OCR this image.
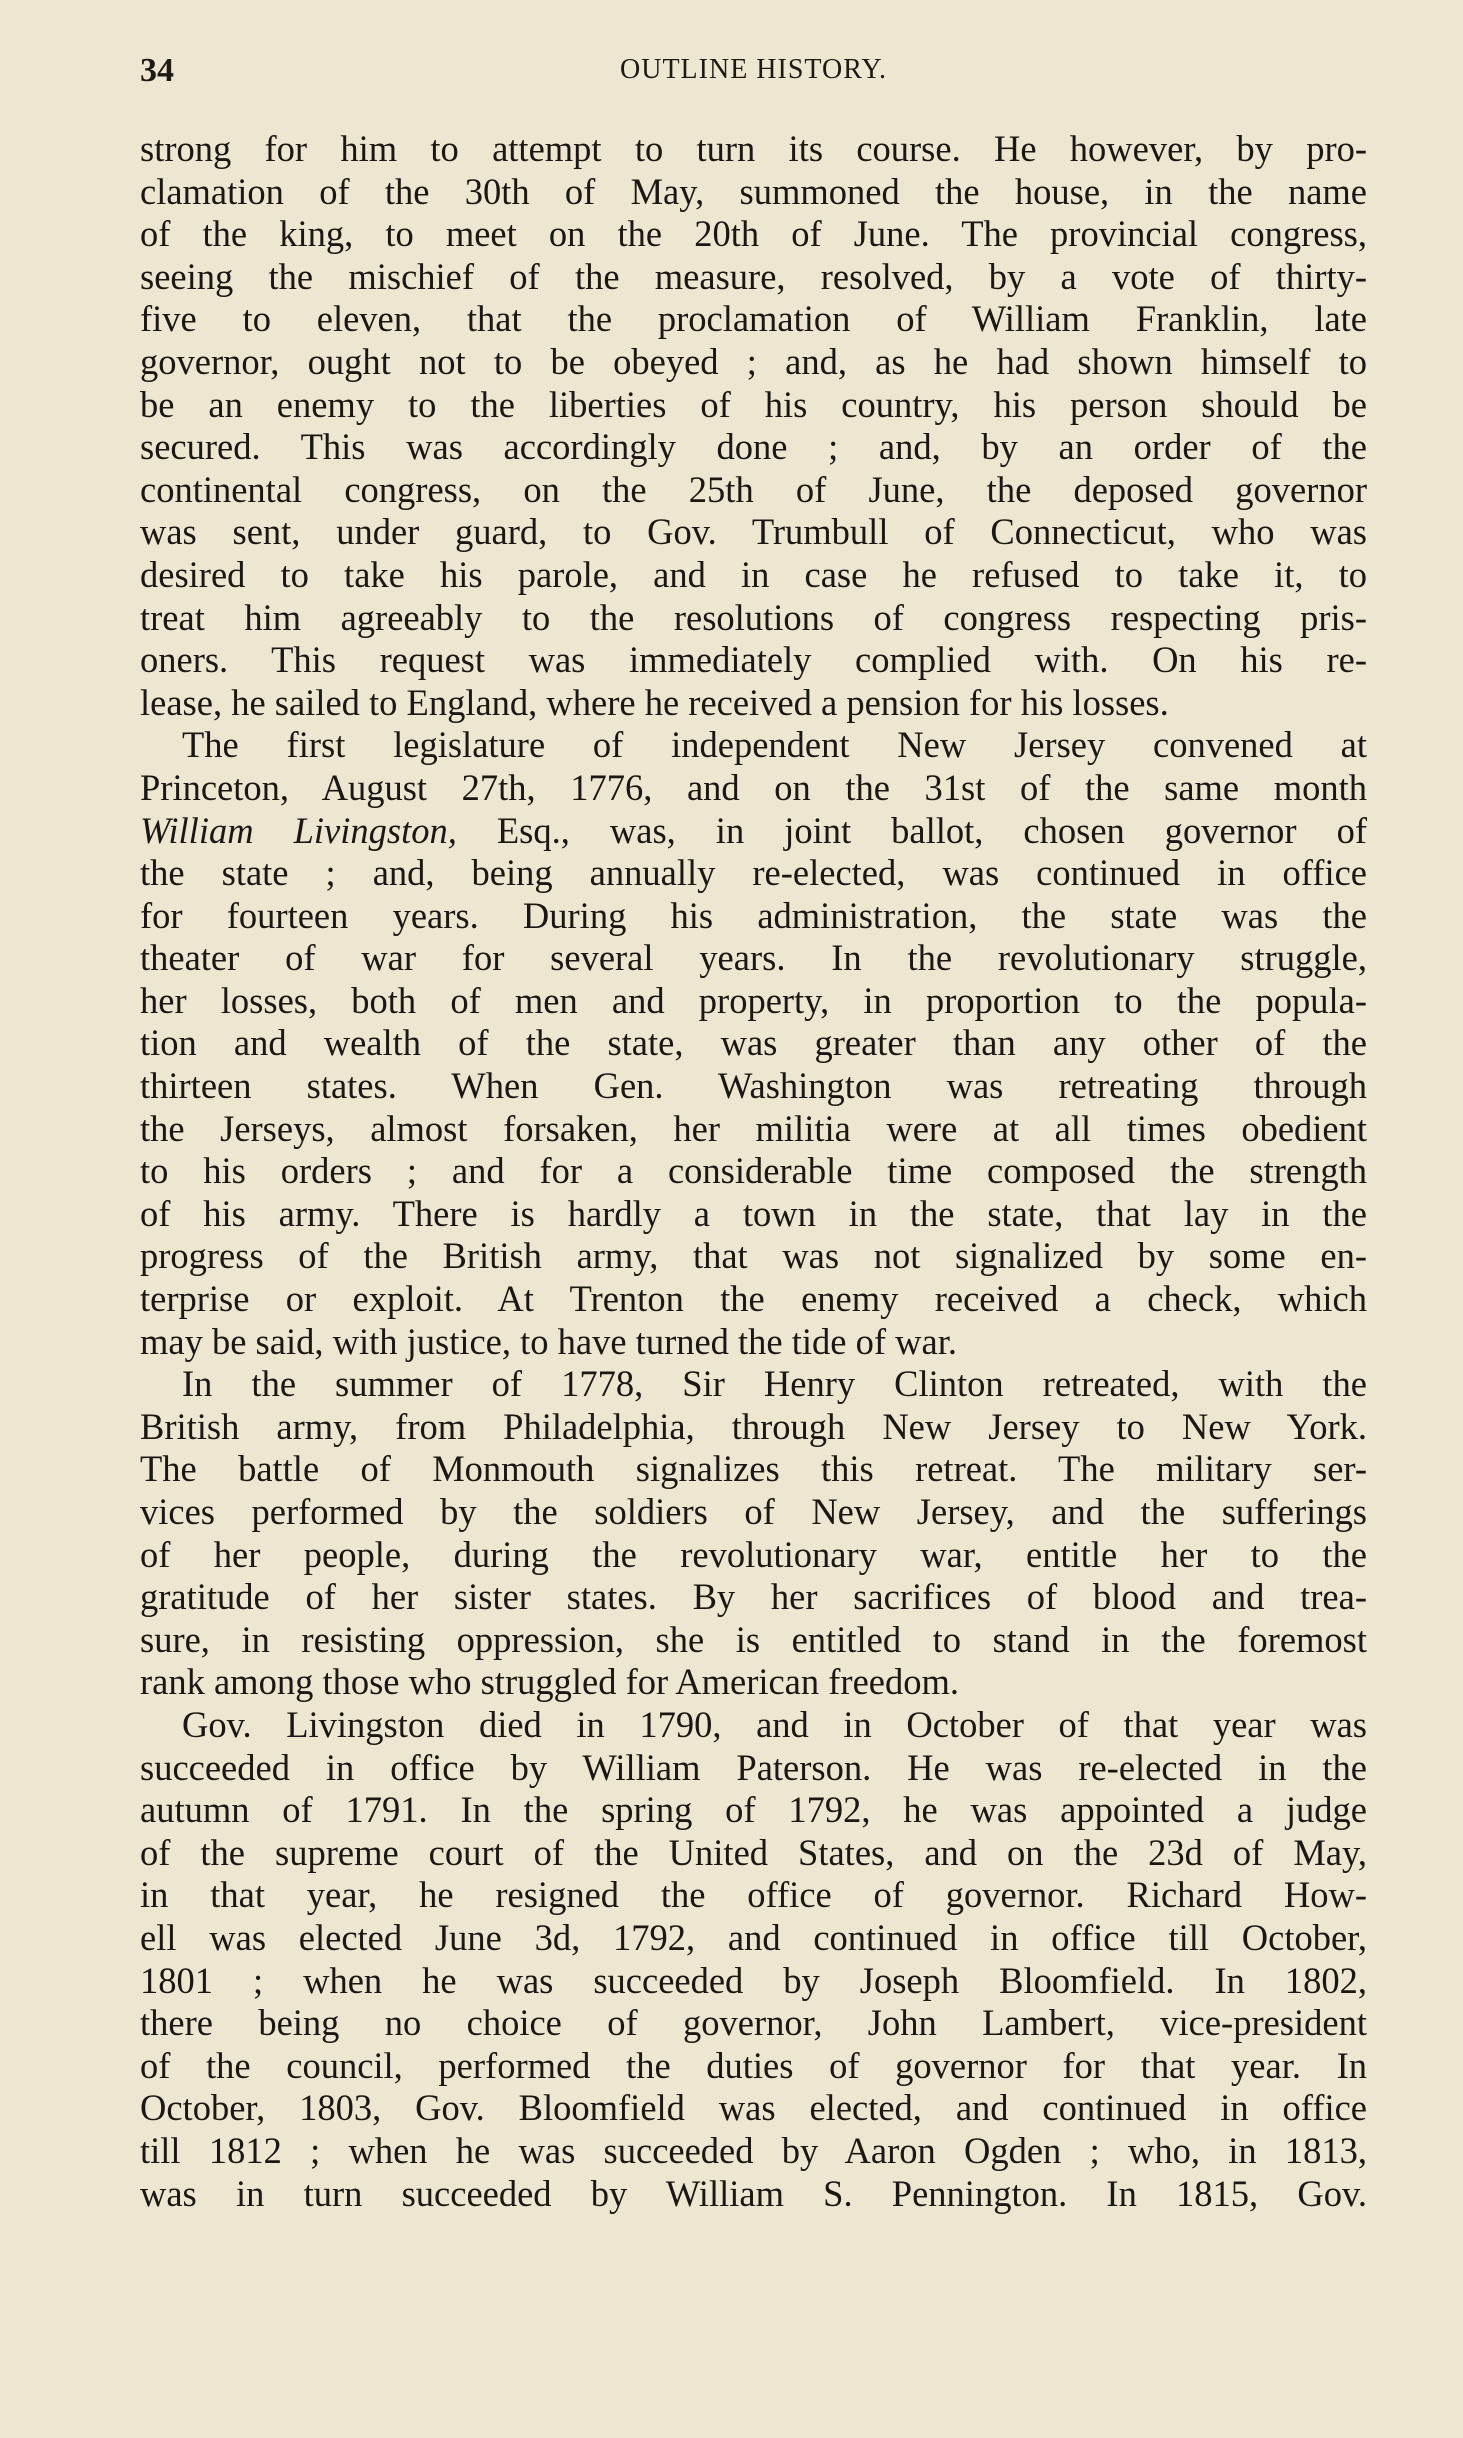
34	OUTLINE HISTORY.
strong for him to attempt to turn its course. He however, by pro-
clamation of the 30th of May, summoned the house, in the name
of the king, to meet on the 20th of June. The provincial congress,
seeing the mischief of the measure, resolved, by a vote of thirty-
five to eleven, that the proclamation of William Franklin, late
governor, ought not to be obeyed ; and, as he had shown himself to
be an enemy to the liberties of his country, his person should be
secured. This was accordingly done ; and, by an order of the
continental congress, on the 25th of June, the deposed governor
was sent, under guard, to Gov. Trumbull of Connecticut, who was
desired to take his parole, and in case he refused to take it, to
treat him agreeably to the resolutions of congress respecting pris-
oners. This request was immediately complied with. On his re-
lease, he sailed to England, where he received a pension for his losses.
The first legislature of independent New Jersey convened at
Princeton, August 27th, 1776, and on the 31st of the same month
William Livingston, Esq., was, in joint ballot, chosen governor of
the state ; and, being annually re-elected, was continued in office
for fourteen years. During his administration, the state was the
theater of war for several years. In the revolutionary struggle,
her losses, both of men and property, in proportion to the popula-
tion and wealth of the state, was greater than any other of the
thirteen states. When Gen. Washington was retreating through
the Jerseys, almost forsaken, her militia were at all times obedient
to his orders ; and for a considerable time composed the strength
of his army. There is hardly a town in the state, that lay in the
progress of the British army, that was not signalized by some en-
terprise or exploit. At Trenton the enemy received a check, which
may be said, with justice, to have turned the tide of war.
In the summer of 1778, Sir Henry Clinton retreated, with the
British army, from Philadelphia, through New Jersey to New York.
The battle of Monmouth signalizes this retreat. The military ser-
vices performed by the soldiers of New Jersey, and the sufferings
of her people, during the revolutionary war, entitle her to the
gratitude of her sister states. By her sacrifices of blood and trea-
sure, in resisting oppression, she is entitled to stand in the foremost
rank among those who struggled for American freedom.
Gov. Livingston died in 1790, and in October of that year was
succeeded in office by William Paterson. He was re-elected in the
autumn of 1791. In the spring of 1792, he was appointed a judge
of the supreme court of the United States, and on the 23d of May,
in that year, he resigned the office of governor. Richard How-
ell was elected June 3d, 1792, and continued in office till October,
1801 ; when he was succeeded by Joseph Bloomfield. In 1802,
there being no choice of governor, John Lambert, vice-president
of the council, performed the duties of governor for that year. In
October, 1803, Gov. Bloomfield was elected, and continued in office
till 1812 ; when he was succeeded by Aaron Ogden ; who, in 1813,
was in turn succeeded by William S. Pennington. In 1815, Gov.
